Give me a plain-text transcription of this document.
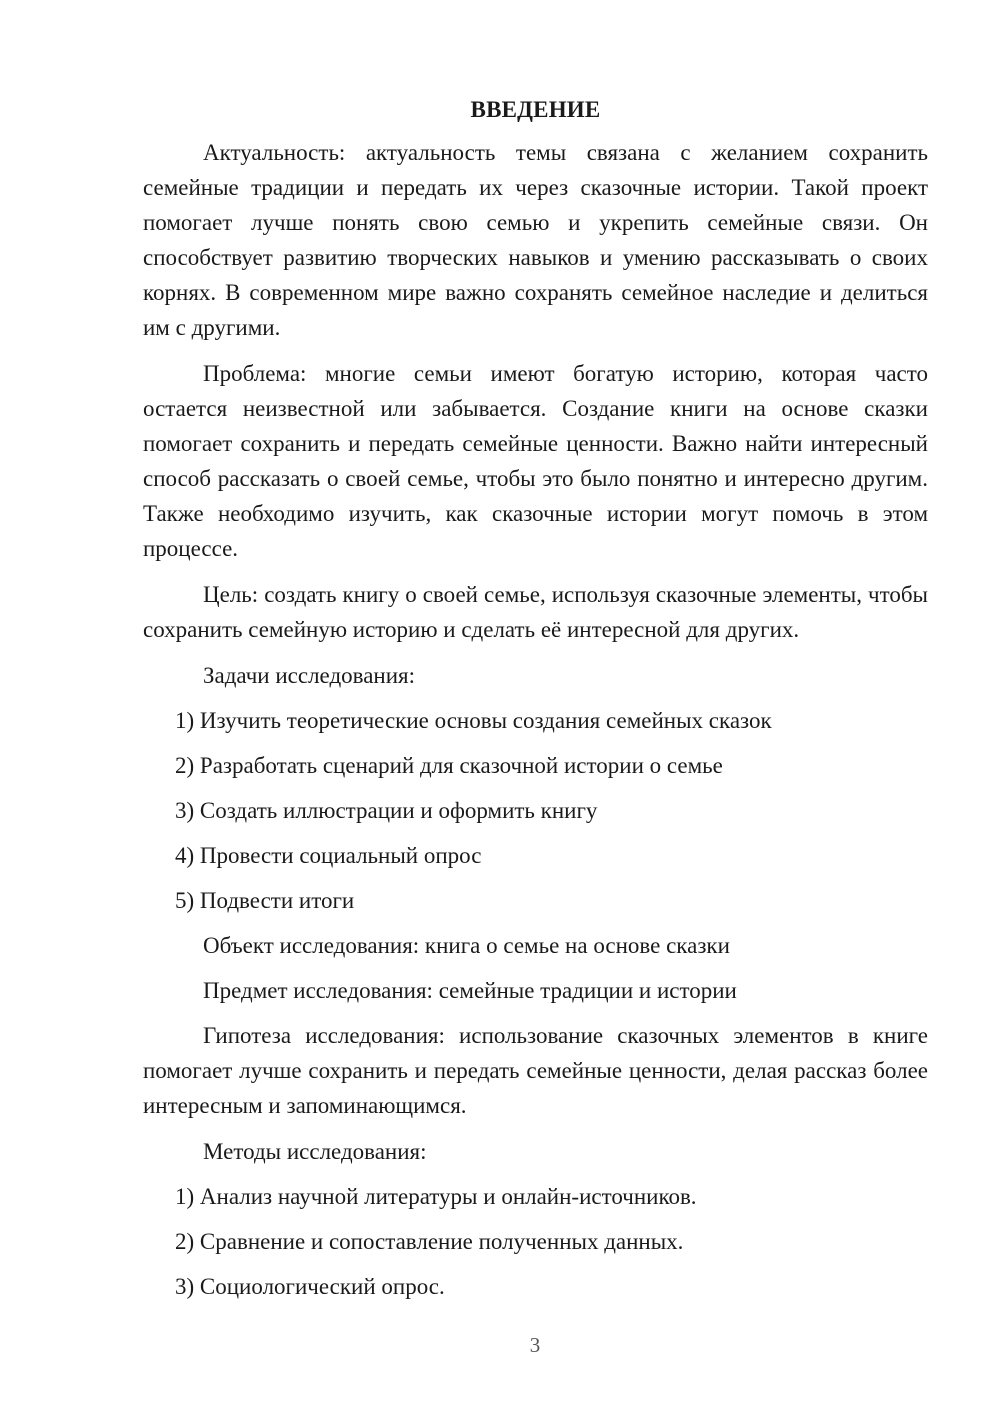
ВВЕДЕНИЕ

Актуальность: актуальность темы связана с желанием сохранить семейные традиции и передать их через сказочные истории. Такой проект помогает лучше понять свою семью и укрепить семейные связи. Он способствует развитию творческих навыков и умению рассказывать о своих корнях. В современном мире важно сохранять семейное наследие и делиться им с другими.

Проблема: многие семьи имеют богатую историю, которая часто остается неизвестной или забывается. Создание книги на основе сказки помогает сохранить и передать семейные ценности. Важно найти интересный способ рассказать о своей семье, чтобы это было понятно и интересно другим. Также необходимо изучить, как сказочные истории могут помочь в этом процессе.

Цель: создать книгу о своей семье, используя сказочные элементы, чтобы сохранить семейную историю и сделать её интересной для других.

Задачи исследования:
1) Изучить теоретические основы создания семейных сказок
2) Разработать сценарий для сказочной истории о семье
3) Создать иллюстрации и оформить книгу
4) Провести социальный опрос
5) Подвести итоги
Объект исследования: книга о семье на основе сказки
Предмет исследования: семейные традиции и истории

Гипотеза исследования: использование сказочных элементов в книге помогает лучше сохранить и передать семейные ценности, делая рассказ более интересным и запоминающимся.

Методы исследования:
1) Анализ научной литературы и онлайн-источников.
2) Сравнение и сопоставление полученных данных.
3) Социологический опрос.
3
